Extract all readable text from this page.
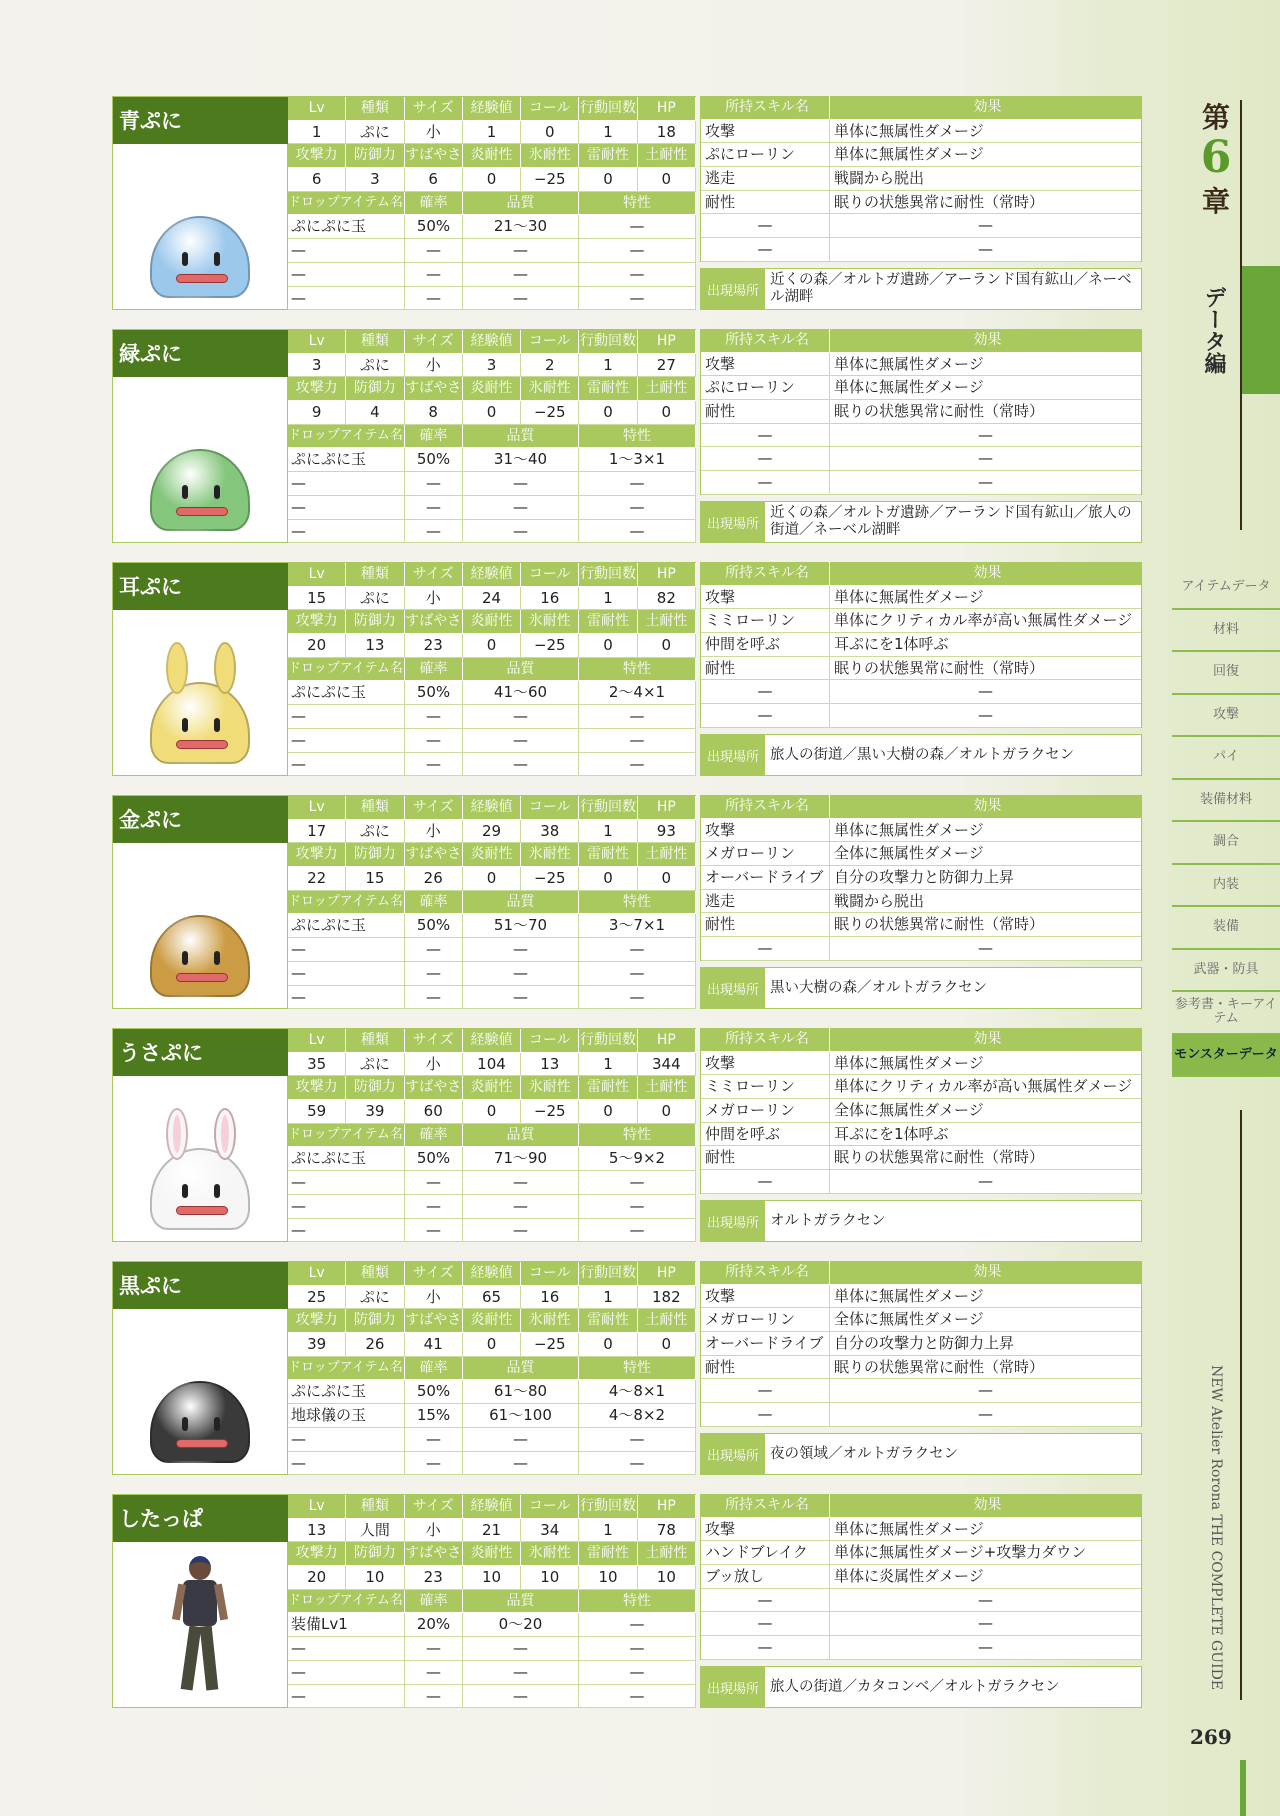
青ぷに
Lv	種類	サイズ	経験値	コール 行動回数	HP
1	ぷに	小	1	0	1	18
攻撃力	防御力 すばやさ 炎耐性	氷耐性	雷耐性	土耐性
6	3	6	0	−25	0	0
ドロップアイテム名	確率	品質	特性
ぷにぷに玉	50%	21～30	—
—	—	—	—
—	—	—	—
—	—	—	—
所持スキル名	効果
攻撃	単体に無属性ダメージ
ぷにローリン	単体に無属性ダメージ
逃走	戦闘から脱出
耐性	眠りの状態異常に耐性（常時）
—	—
—	—
出現場所
近くの森／オルトガ遺跡／アーランド国有鉱山／ネーベル湖畔
緑ぷに
Lv	種類	サイズ	経験値	コール 行動回数	HP
3	ぷに	小	3	2	1	27
攻撃力	防御力 すばやさ 炎耐性	氷耐性	雷耐性	土耐性
9	4	8	0	−25	0	0
ドロップアイテム名	確率	品質	特性
ぷにぷに玉	50%	31～40	1～3×1
—	—	—	—
—	—	—	—
—	—	—	—
所持スキル名	効果
攻撃	単体に無属性ダメージ
ぷにローリン	単体に無属性ダメージ
耐性	眠りの状態異常に耐性（常時）
—	—
—	—
—	—
出現場所
近くの森／オルトガ遺跡／アーランド国有鉱山／旅人の街道／ネーベル湖畔
耳ぷに
Lv	種類	サイズ	経験値	コール 行動回数	HP
15	ぷに	小	24	16	1	82
攻撃力	防御力 すばやさ 炎耐性	氷耐性	雷耐性	土耐性
20	13	23	0	−25	0	0
ドロップアイテム名	確率	品質	特性
ぷにぷに玉	50%	41～60	2～4×1
—	—	—	—
—	—	—	—
—	—	—	—
所持スキル名	効果
攻撃	単体に無属性ダメージ
ミミローリン	単体にクリティカル率が高い無属性ダメージ
仲間を呼ぶ	耳ぷにを1体呼ぶ
耐性	眠りの状態異常に耐性（常時）
—	—
—	—
出現場所 旅人の街道／黒い大樹の森／オルトガラクセン
金ぷに
Lv	種類	サイズ	経験値	コール 行動回数	HP
17	ぷに	小	29	38	1	93
攻撃力	防御力 すばやさ 炎耐性	氷耐性	雷耐性	土耐性
22	15	26	0	−25	0	0
ドロップアイテム名	確率	品質	特性
ぷにぷに玉	50%	51～70	3～7×1
—	—	—	—
—	—	—	—
—	—	—	—
所持スキル名	効果
攻撃	単体に無属性ダメージ
メガローリン	全体に無属性ダメージ
オーバードライブ 自分の攻撃力と防御力上昇
逃走	戦闘から脱出
耐性	眠りの状態異常に耐性（常時）
—	—
出現場所 黒い大樹の森／オルトガラクセン
うさぷに
Lv	種類	サイズ	経験値	コール 行動回数	HP
35	ぷに	小	104	13	1	344
攻撃力	防御力 すばやさ 炎耐性	氷耐性	雷耐性	土耐性
59	39	60	0	−25	0	0
ドロップアイテム名	確率	品質	特性
ぷにぷに玉	50%	71～90	5～9×2
—	—	—	—
—	—	—	—
—	—	—	—
所持スキル名	効果
攻撃	単体に無属性ダメージ
ミミローリン	単体にクリティカル率が高い無属性ダメージ
メガローリン	全体に無属性ダメージ
仲間を呼ぶ	耳ぷにを1体呼ぶ
耐性	眠りの状態異常に耐性（常時）
—	—
出現場所 オルトガラクセン
黒ぷに
Lv	種類	サイズ	経験値	コール 行動回数	HP
25	ぷに	小	65	16	1	182
攻撃力	防御力 すばやさ 炎耐性	氷耐性	雷耐性	土耐性
39	26	41	0	−25	0	0
ドロップアイテム名	確率	品質	特性
ぷにぷに玉	50%	61～80	4～8×1
地球儀の玉	15%	61～100	4～8×2
—	—	—	—
—	—	—	—
所持スキル名	効果
攻撃	単体に無属性ダメージ
メガローリン	全体に無属性ダメージ
オーバードライブ 自分の攻撃力と防御力上昇
耐性	眠りの状態異常に耐性（常時）
—	—
—	—
出現場所 夜の領域／オルトガラクセン
したっぱ
Lv	種類	サイズ	経験値	コール 行動回数	HP
13	人間	小	21	34	1	78
攻撃力	防御力 すばやさ 炎耐性	氷耐性	雷耐性	土耐性
20	10	23	10	10	10	10
ドロップアイテム名	確率	品質	特性
装備Lv1	20%	0～20	—
—	—	—	—
—	—	—	—
—	—	—	—
所持スキル名	効果
攻撃	単体に無属性ダメージ
ハンドブレイク	単体に無属性ダメージ+攻撃力ダウン
ブッ放し	単体に炎属性ダメージ
—	—
—	—
—	—
出現場所 旅人の街道／カタコンベ／オルトガラクセン
第
6
章
データ編
アイテムデータ
材料
回復
攻撃
パイ
装備材料
調合
内装
装備
武器・防具
参考書・キーアイテム
モンスターデータ
NEW Atelier Rorona THE COMPLETE GUIDE
269
